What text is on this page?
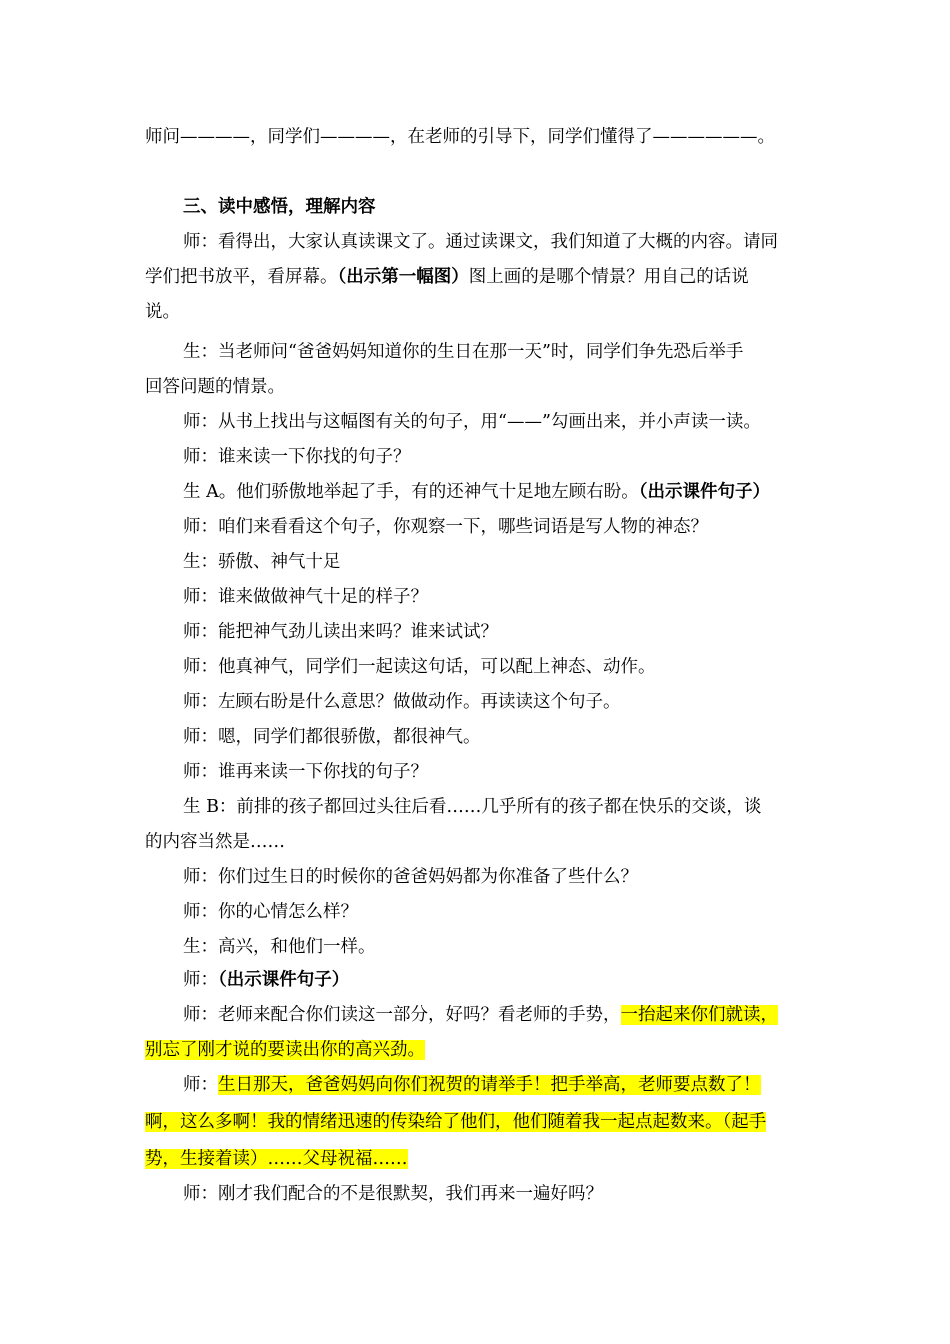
师问————，同学们————，在老师的引导下，同学们懂得了——————。
三、读中感悟，理解内容
师：看得出，大家认真读课文了。通过读课文，我们知道了大概的内容。请同
学们把书放平，看屏幕。（出示第一幅图）图上画的是哪个情景？用自己的话说
说。
生：当老师问“爸爸妈妈知道你的生日在那一天”时，同学们争先恐后举手
回答问题的情景。
师：从书上找出与这幅图有关的句子，用“——”勾画出来，并小声读一读。
师：谁来读一下你找的句子？
生 A。他们骄傲地举起了手，有的还神气十足地左顾右盼。（出示课件句子）
师：咱们来看看这个句子，你观察一下，哪些词语是写人物的神态？
生：骄傲、神气十足
师：谁来做做神气十足的样子？
师：能把神气劲儿读出来吗？谁来试试？
师：他真神气，同学们一起读这句话，可以配上神态、动作。
师：左顾右盼是什么意思？做做动作。再读读这个句子。
师：嗯，同学们都很骄傲，都很神气。
师：谁再来读一下你找的句子？
生 B：前排的孩子都回过头往后看……几乎所有的孩子都在快乐的交谈，谈
的内容当然是……
师：你们过生日的时候你的爸爸妈妈都为你准备了些什么？
师：你的心情怎么样？
生：高兴，和他们一样。
师：（出示课件句子）
师：老师来配合你们读这一部分，好吗？看老师的手势，一抬起来你们就读，
别忘了刚才说的要读出你的高兴劲。
师：生日那天，爸爸妈妈向你们祝贺的请举手！把手举高，老师要点数了！
啊，这么多啊！我的情绪迅速的传染给了他们，他们随着我一起点起数来。（起手
势，生接着读）……父母祝福……
师：刚才我们配合的不是很默契，我们再来一遍好吗？
